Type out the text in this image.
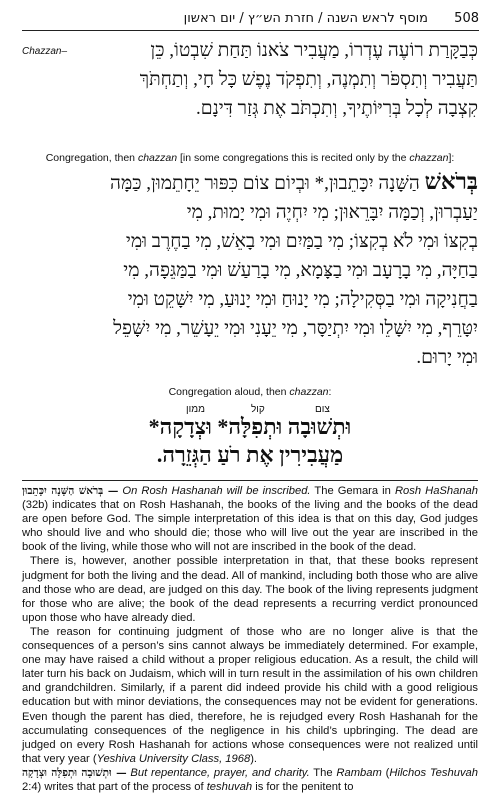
מוסף לראש השנה / חזרת הש״ץ / יום ראשון 508
Chazzan–	כְּבַקָּרַת רוֹעֶה עֶדְרוֹ, מַעֲבִיר צֹאנוֹ תַּחַת שִׁבְטוֹ, כֵּן
תַּעֲבִיר וְתִסְפֹּר וְתִמְנֶה, וְתִפְקֹד נֶפֶשׁ כָּל חָי, וְתַחְתֹּךְ
קִצְבָה לְכָל בְּרִיּוֹתֶיךָ, וְתִכְתֹּב אֶת גְּזַר דִּינָם.
Congregation, then chazzan [in some congregations this is recited only by the chazzan]:
בְּרֹאשׁ הַשָּׁנָה יִכָּתֵבוּן,* וּבְיוֹם צוֹם כִּפּוּר יֵחָתֵמוּן, כַּמָּה
יַעַבְרוּן, וְכַמָּה יִבָּרֵאוּן; מִי יִחְיֶה וּמִי יָמוּת, מִי
בְקִצּוֹ וּמִי לֹא בְקִצּוֹ; מִי בַמַּיִם וּמִי בָאֵשׁ, מִי בַחֶרֶב וּמִי
בַחַיָּה, מִי בָרָעָב וּמִי בַצָּמָא, מִי בָרַעַשׁ וּמִי בַמַּגֵּפָה, מִי
בַחֲנִיקָה וּמִי בַסְּקִילָה; מִי יָנוּחַ וּמִי יָנוּעַ, מִי יִשָּׁקֵט וּמִי
יִטָּרֵף, מִי יִשָּׁלֵו וּמִי יִתְיַסָּר, מִי יֵעָנִי וּמִי יֵעָשֵׁר, מִי יִשָּׁפֵל
וּמִי יָרוּם.
Congregation aloud, then chazzan:
צום
קול
ממון
וּתְשׁוּבָה וּתְפִלָּה* וּצְדָקָה*
מַעֲבִירִין אֶת רֹעַ הַגְּזֵרָה.

בְּרֹאשׁ הַשָּׁנָה יִכָּתֵבוּן — On Rosh Hashanah will be inscribed. The Gemara in Rosh HaShanah (32b) indicates that on Rosh Hashanah, the books of the living and the books of the dead are open before God. The simple interpretation of this idea is that on this day, God judges who should live and who should die; those who will live out the year are inscribed in the book of the living, while those who will not are inscribed in the book of the dead.

There is, however, another possible interpretation in that, that these books represent judgment for both the living and the dead. All of mankind, including both those who are alive and those who are dead, are judged on this day. The book of the living represents judgment for those who are alive; the book of the dead represents a recurring verdict pronounced upon those who have already died.

The reason for continuing judgment of those who are no longer alive is that the consequences of a person’s sins cannot always be immediately determined. For example, one may have raised a child without a proper religious education. As a result, the child will later turn his back on Judaism, which will in turn result in the assimilation of his own children and grandchildren. Similarly, if a parent did indeed provide his child with a good religious education but with minor deviations, the consequences may not be evident for generations. Even though the parent has died, therefore, he is rejudged every Rosh Hashanah for the accumulating consequences of the negligence in his child’s upbringing. The dead are judged on every Rosh Hashanah for actions whose consequences were not realized until that very year (Yeshiva University Class, 1968).

וּתְשׁוּבָה וּתְפִלָּה וּצְדָקָה — But repentance, prayer, and charity. The Rambam (Hilchos Teshuvah 2:4) writes that part of the process of teshuvah is for the penitent to
